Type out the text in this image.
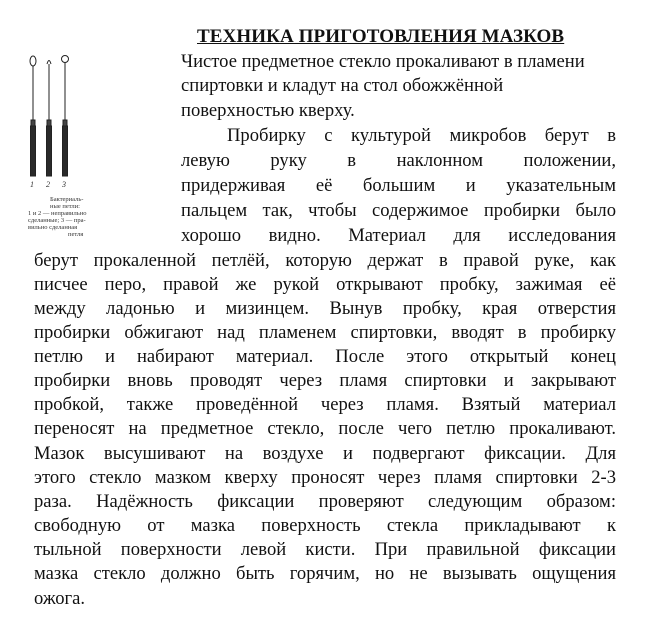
ТЕХНИКА ПРИГОТОВЛЕНИЯ МАЗКОВ
1 2 3
Бактериаль-
ные петли:
1 и 2 — неправильно
сделанные; 3 — пра-
вильно сделанная
петля
Чистое предметное стекло прокаливают в пламени
спиртовки и кладут на стол обожжённой
поверхностью кверху.
Пробирку с культурой микробов берут в
левую руку в наклонном положении,
придерживая её большим и указательным
пальцем так, чтобы содержимое пробирки было
хорошо видно. Материал для исследования
берут прокаленной петлёй, которую держат в правой руке, как
писчее перо, правой же рукой открывают пробку, зажимая её
между ладонью и мизинцем. Вынув пробку, края отверстия
пробирки обжигают над пламенем спиртовки, вводят в пробирку
петлю и набирают материал. После этого открытый конец
пробирки вновь проводят через пламя спиртовки и закрывают
пробкой, также проведённой через пламя. Взятый материал
переносят на предметное стекло, после чего петлю прокаливают.
Мазок высушивают на воздухе и подвергают фиксации. Для
этого стекло мазком кверху проносят через пламя спиртовки 2-3
раза. Надёжность фиксации проверяют следующим образом:
свободную от мазка поверхность стекла прикладывают к
тыльной поверхности левой кисти. При правильной фиксации
мазка стекло должно быть горячим, но не вызывать ощущения
ожога.
